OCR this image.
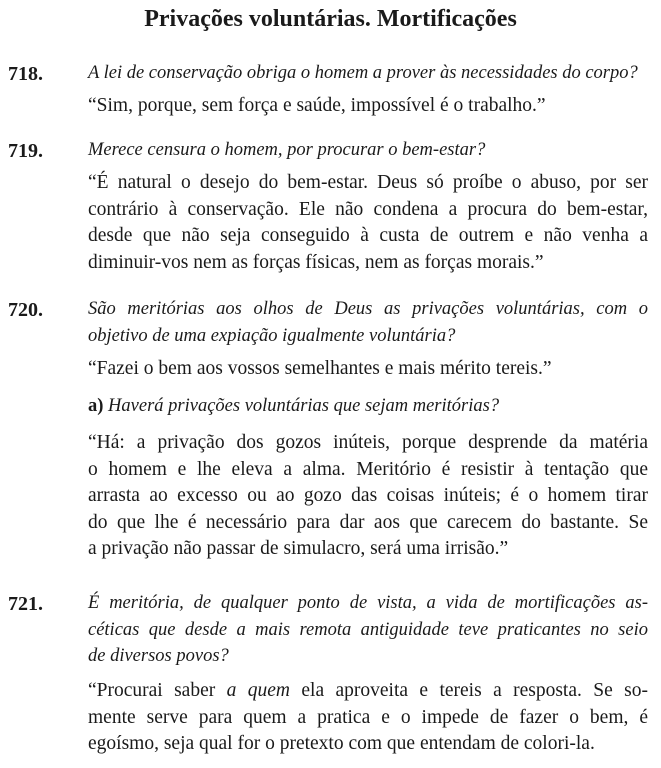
Privações voluntárias. Mortificações
718. A lei de conservação obriga o homem a prover às necessidades do corpo?
“Sim, porque, sem força e saúde, impossível é o trabalho.”
719. Merece censura o homem, por procurar o bem-estar?
“É natural o desejo do bem-estar. Deus só proíbe o abuso, por ser
contrário à conservação. Ele não condena a procura do bem-estar,
desde que não seja conseguido à custa de outrem e não venha a
diminuir-vos nem as forças físicas, nem as forças morais.”
720. São meritórias aos olhos de Deus as privações voluntárias, com o
objetivo de uma expiação igualmente voluntária?
“Fazei o bem aos vossos semelhantes e mais mérito tereis.”
a) Haverá privações voluntárias que sejam meritórias?
“Há: a privação dos gozos inúteis, porque desprende da matéria
o homem e lhe eleva a alma. Meritório é resistir à tentação que
arrasta ao excesso ou ao gozo das coisas inúteis; é o homem tirar
do que lhe é necessário para dar aos que carecem do bastante. Se
a privação não passar de simulacro, será uma irrisão.”
721. É meritória, de qualquer ponto de vista, a vida de mortificações as-
céticas que desde a mais remota antiguidade teve praticantes no seio
de diversos povos?
“Procurai saber a quem ela aproveita e tereis a resposta. Se so-
mente serve para quem a pratica e o impede de fazer o bem, é
egoísmo, seja qual for o pretexto com que entendam de colori-la.
